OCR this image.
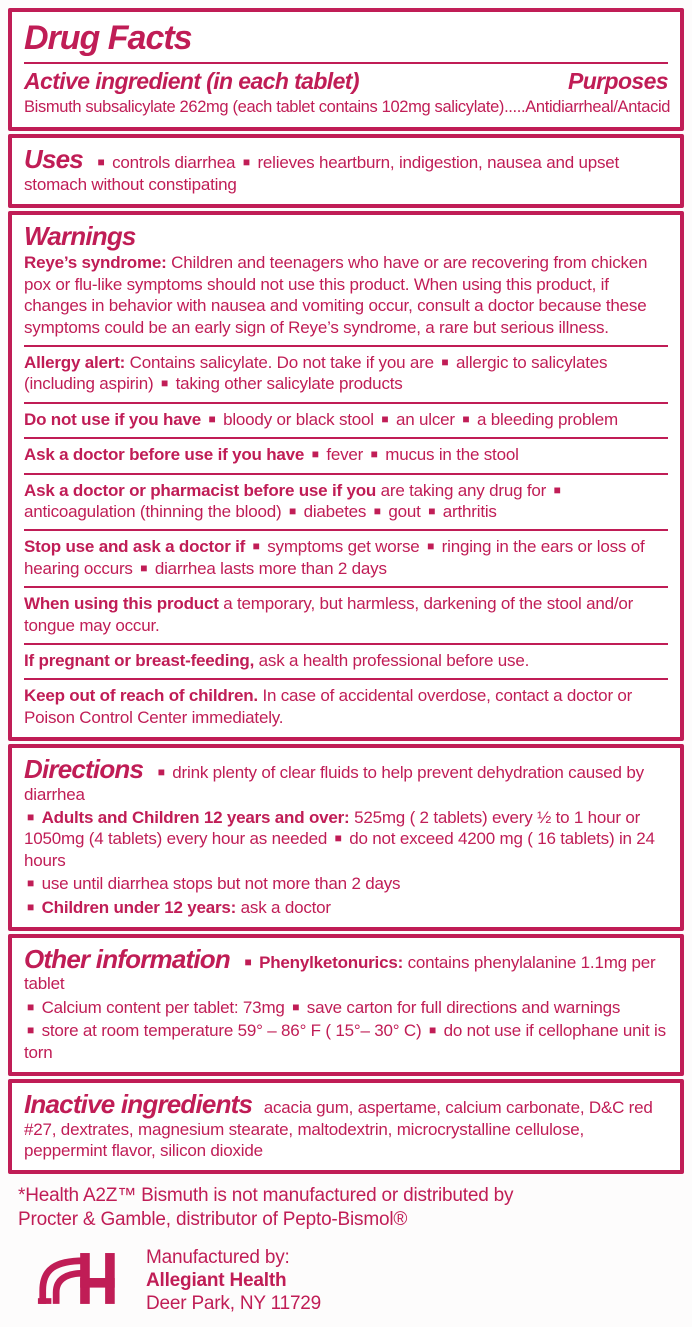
Drug Facts
Active ingredient (in each tablet)	Purposes
Bismuth subsalicylate 262mg (each tablet contains 102mg salicylate).....Antidiarrheal/Antacid
Uses ■ controls diarrhea ■ relieves heartburn, indigestion, nausea and upset stomach without constipating
Warnings
Reye’s syndrome: Children and teenagers who have or are recovering from chicken pox or flu-like symptoms should not use this product. When using this product, if changes in behavior with nausea and vomiting occur, consult a doctor because these symptoms could be an early sign of Reye’s syndrome, a rare but serious illness.
Allergy alert: Contains salicylate. Do not take if you are ■ allergic to salicylates (including aspirin) ■ taking other salicylate products
Do not use if you have ■ bloody or black stool ■ an ulcer ■ a bleeding problem
Ask a doctor before use if you have ■ fever ■ mucus in the stool
Ask a doctor or pharmacist before use if you are taking any drug for ■ anticoagulation (thinning the blood) ■ diabetes ■ gout ■ arthritis
Stop use and ask a doctor if ■ symptoms get worse ■ ringing in the ears or loss of hearing occurs ■ diarrhea lasts more than 2 days
When using this product a temporary, but harmless, darkening of the stool and/or tongue may occur.
If pregnant or breast-feeding, ask a health professional before use.
Keep out of reach of children. In case of accidental overdose, contact a doctor or Poison Control Center immediately.
Directions ■ drink plenty of clear fluids to help prevent dehydration caused by diarrhea
■ Adults and Children 12 years and over: 525mg ( 2 tablets) every ½ to 1 hour or 1050mg (4 tablets) every hour as needed ■ do not exceed 4200 mg ( 16 tablets) in 24 hours
■ use until diarrhea stops but not more than 2 days
■ Children under 12 years: ask a doctor
Other information ■ Phenylketonurics: contains phenylalanine 1.1mg per tablet
■ Calcium content per tablet: 73mg ■ save carton for full directions and warnings
■ store at room temperature 59° – 86° F ( 15°– 30° C) ■ do not use if cellophane unit is torn
Inactive ingredients acacia gum, aspertame, calcium carbonate, D&C red #27, dextrates, magnesium stearate, maltodextrin, microcrystalline cellulose, peppermint flavor, silicon dioxide
*Health A2Z™ Bismuth is not manufactured or distributed by
Procter & Gamble, distributor of Pepto-Bismol®
Manufactured by:
Allegiant Health
Deer Park, NY 11729
